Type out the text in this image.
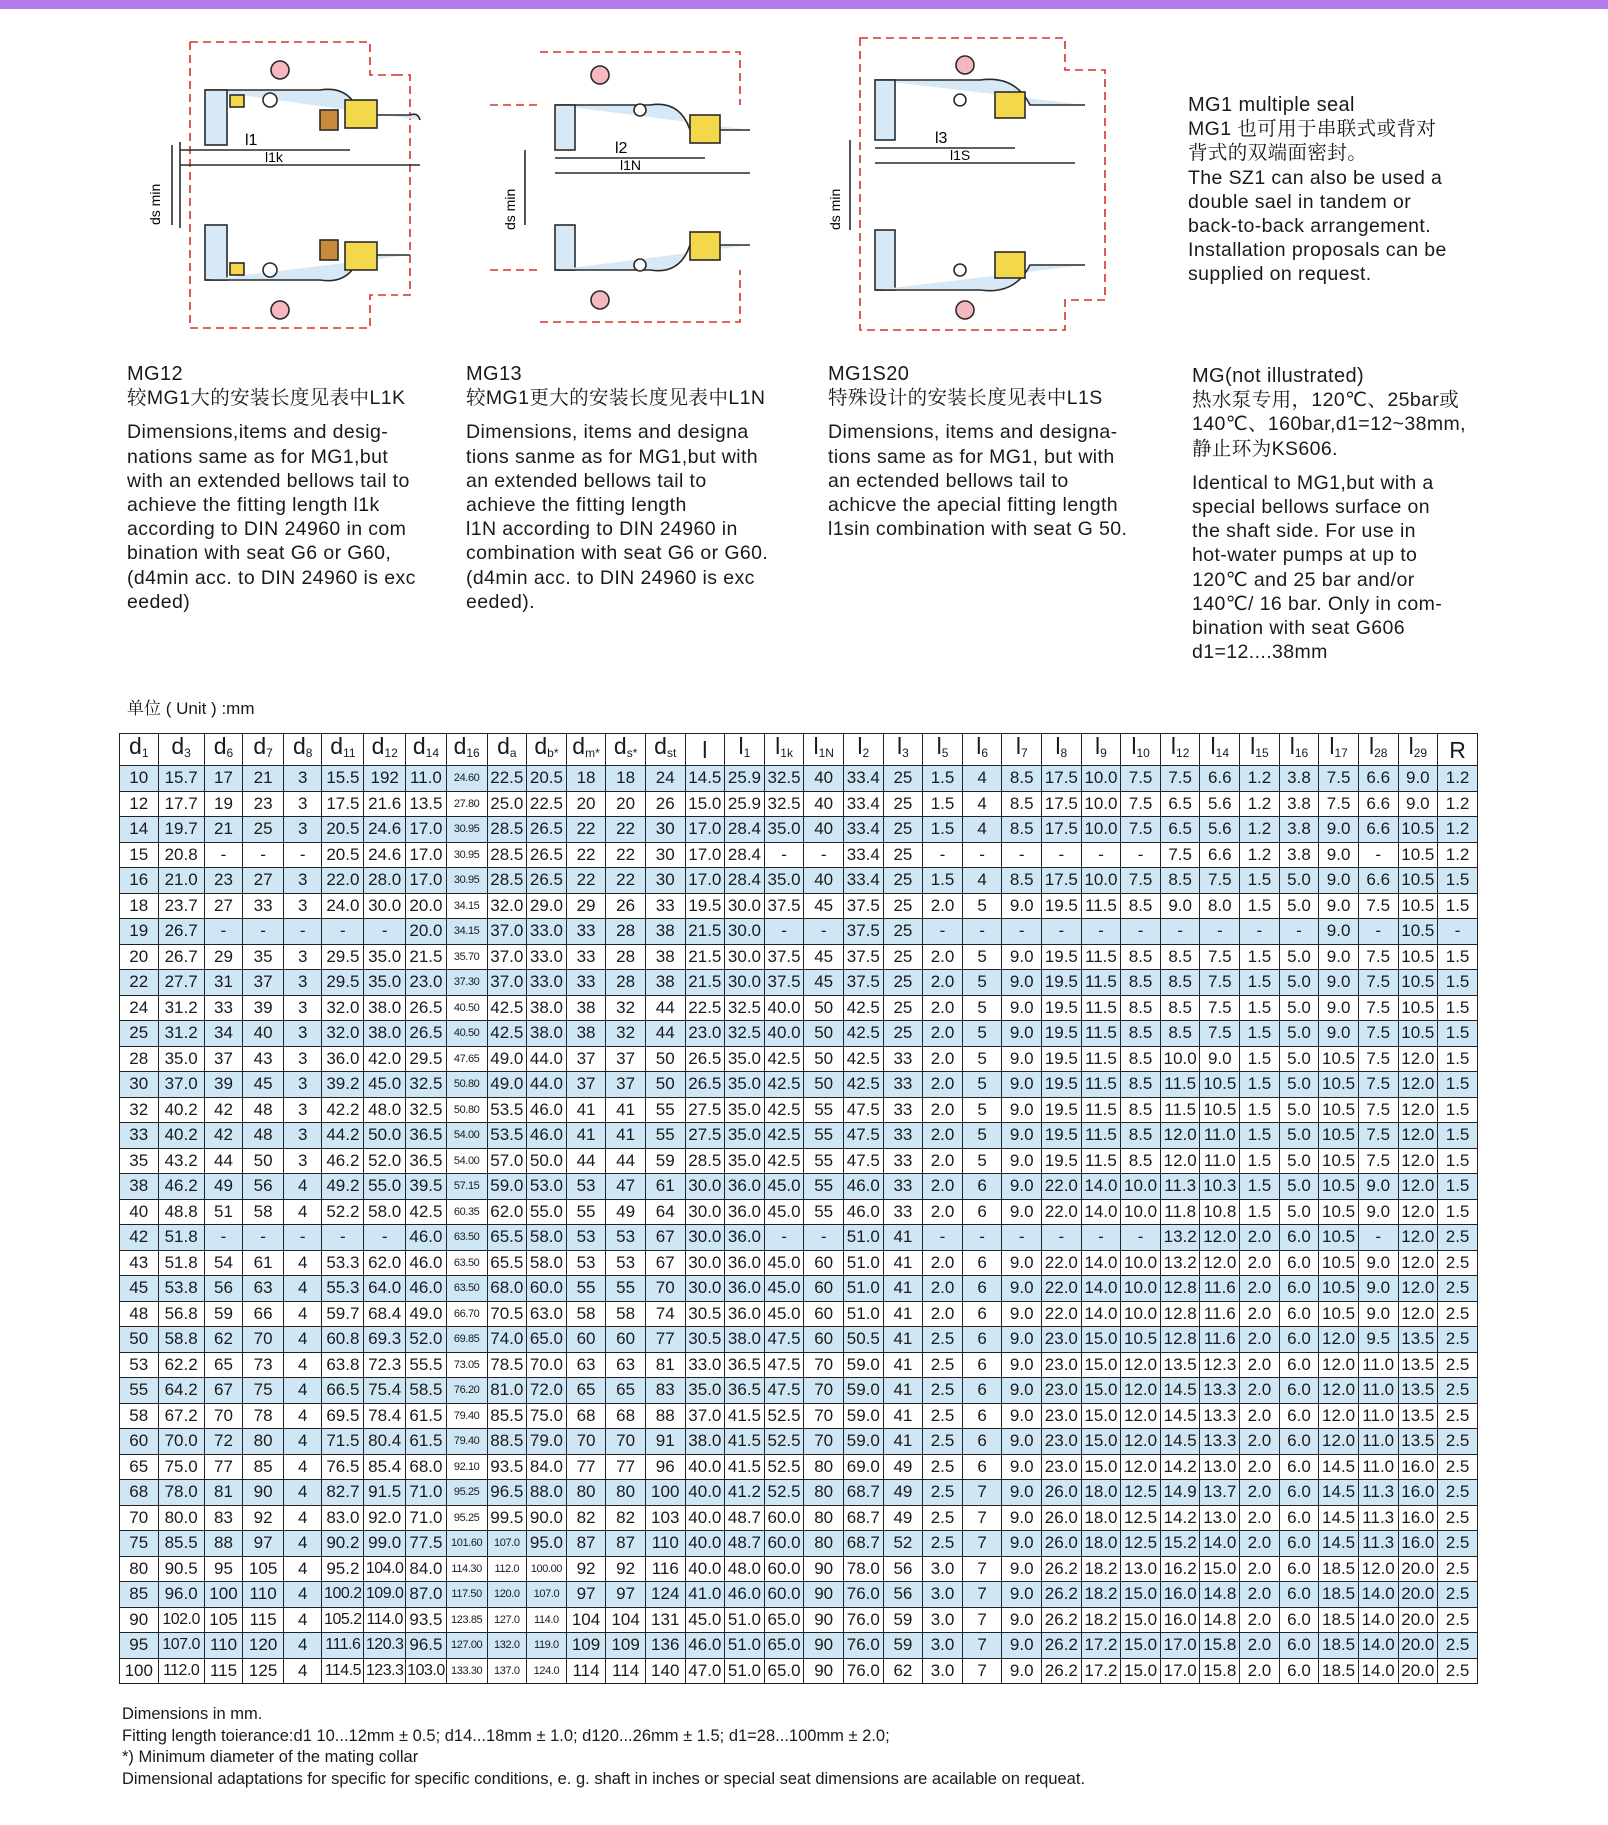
l1
l1k
ds min
l2
l1N
ds min
l3
l1S
ds min
MG1 multiple seal
MG1 也可用于串联式或背对
背式的双端面密封。
The SZ1 can also be used a
double sael in tandem or
back-to-back arrangement.
Installation proposals can be
supplied on request.
MG12
较MG1大的安装长度见表中L1K
Dimensions,items and desig-
nations same as for MG1,but
with an extended bellows tail to
achieve the fitting length l1k
according to DIN 24960 in com
bination with seat G6 or G60,
(d4min acc. to DIN 24960 is exc
eeded)
MG13
较MG1更大的安装长度见表中L1N
Dimensions, items and designa
tions sanme as for MG1,but with
an extended bellows tail to
achieve the fitting length
l1N according to DIN 24960 in
combination with seat G6 or G60.
(d4min acc. to DIN 24960 is exc
eeded).
MG1S20
特殊设计的安装长度见表中L1S
Dimensions, items and designa-
tions same as for MG1, but with
an ectended bellows tail to
achicve the apecial fitting length
l1sin combination with seat G 50.
MG(not illustrated)
热水泵专用，120℃、25bar或
140℃、160bar,d1=12~38mm,
静止环为KS606.
Identical to MG1,but with a
special bellows surface on
the shaft side. For use in
hot-water pumps at up to
120℃ and 25 bar and/or
140℃/ 16 bar. Only in com-
bination with seat G606
d1=12....38mm
单位 ( Unit ) :mm
$d_1$	$d_3$	$d_6$	$d_7$	$d_8$	$d_{11}$	$d_{12}$	$d_{14}$	$d_{16}$	$d_a$	$d_{b*}$	$d_{m*}$	$d_{s*}$	$d_{st}$	l	$l_1$	$l_{1k}$	$l_{1N}$	$l_2$	$l_3$	$l_5$	$l_6$	$l_7$	$l_8$	$l_9$	$l_{10}$	$l_{12}$	$l_{14}$	$l_{15}$	$l_{16}$	$l_{17}$	$l_{28}$	$l_{29}$	R
10	15.7	17	21	3	15.5	192	11.0	24.60	22.5	20.5	18	18	24	14.5	25.9	32.5	40	33.4	25	1.5	4	8.5	17.5	10.0	7.5	7.5	6.6	1.2	3.8	7.5	6.6	9.0	1.2
12	17.7	19	23	3	17.5	21.6	13.5	27.80	25.0	22.5	20	20	26	15.0	25.9	32.5	40	33.4	25	1.5	4	8.5	17.5	10.0	7.5	6.5	5.6	1.2	3.8	7.5	6.6	9.0	1.2
14	19.7	21	25	3	20.5	24.6	17.0	30.95	28.5	26.5	22	22	30	17.0	28.4	35.0	40	33.4	25	1.5	4	8.5	17.5	10.0	7.5	6.5	5.6	1.2	3.8	9.0	6.6	10.5	1.2
15	20.8	-	-	-	20.5	24.6	17.0	30.95	28.5	26.5	22	22	30	17.0	28.4	-	-	33.4	25	-	-	-	-	-	-	7.5	6.6	1.2	3.8	9.0	-	10.5	1.2
16	21.0	23	27	3	22.0	28.0	17.0	30.95	28.5	26.5	22	22	30	17.0	28.4	35.0	40	33.4	25	1.5	4	8.5	17.5	10.0	7.5	8.5	7.5	1.5	5.0	9.0	6.6	10.5	1.5
18	23.7	27	33	3	24.0	30.0	20.0	34.15	32.0	29.0	29	26	33	19.5	30.0	37.5	45	37.5	25	2.0	5	9.0	19.5	11.5	8.5	9.0	8.0	1.5	5.0	9.0	7.5	10.5	1.5
19	26.7	-	-	-	-	-	20.0	34.15	37.0	33.0	33	28	38	21.5	30.0	-	-	37.5	25	-	-	-	-	-	-	-	-	-	-	9.0	-	10.5	-
20	26.7	29	35	3	29.5	35.0	21.5	35.70	37.0	33.0	33	28	38	21.5	30.0	37.5	45	37.5	25	2.0	5	9.0	19.5	11.5	8.5	8.5	7.5	1.5	5.0	9.0	7.5	10.5	1.5
22	27.7	31	37	3	29.5	35.0	23.0	37.30	37.0	33.0	33	28	38	21.5	30.0	37.5	45	37.5	25	2.0	5	9.0	19.5	11.5	8.5	8.5	7.5	1.5	5.0	9.0	7.5	10.5	1.5
24	31.2	33	39	3	32.0	38.0	26.5	40.50	42.5	38.0	38	32	44	22.5	32.5	40.0	50	42.5	25	2.0	5	9.0	19.5	11.5	8.5	8.5	7.5	1.5	5.0	9.0	7.5	10.5	1.5
25	31.2	34	40	3	32.0	38.0	26.5	40.50	42.5	38.0	38	32	44	23.0	32.5	40.0	50	42.5	25	2.0	5	9.0	19.5	11.5	8.5	8.5	7.5	1.5	5.0	9.0	7.5	10.5	1.5
28	35.0	37	43	3	36.0	42.0	29.5	47.65	49.0	44.0	37	37	50	26.5	35.0	42.5	50	42.5	33	2.0	5	9.0	19.5	11.5	8.5	10.0	9.0	1.5	5.0	10.5	7.5	12.0	1.5
30	37.0	39	45	3	39.2	45.0	32.5	50.80	49.0	44.0	37	37	50	26.5	35.0	42.5	50	42.5	33	2.0	5	9.0	19.5	11.5	8.5	11.5	10.5	1.5	5.0	10.5	7.5	12.0	1.5
32	40.2	42	48	3	42.2	48.0	32.5	50.80	53.5	46.0	41	41	55	27.5	35.0	42.5	55	47.5	33	2.0	5	9.0	19.5	11.5	8.5	11.5	10.5	1.5	5.0	10.5	7.5	12.0	1.5
33	40.2	42	48	3	44.2	50.0	36.5	54.00	53.5	46.0	41	41	55	27.5	35.0	42.5	55	47.5	33	2.0	5	9.0	19.5	11.5	8.5	12.0	11.0	1.5	5.0	10.5	7.5	12.0	1.5
35	43.2	44	50	3	46.2	52.0	36.5	54.00	57.0	50.0	44	44	59	28.5	35.0	42.5	55	47.5	33	2.0	5	9.0	19.5	11.5	8.5	12.0	11.0	1.5	5.0	10.5	7.5	12.0	1.5
38	46.2	49	56	4	49.2	55.0	39.5	57.15	59.0	53.0	53	47	61	30.0	36.0	45.0	55	46.0	33	2.0	6	9.0	22.0	14.0	10.0	11.3	10.3	1.5	5.0	10.5	9.0	12.0	1.5
40	48.8	51	58	4	52.2	58.0	42.5	60.35	62.0	55.0	55	49	64	30.0	36.0	45.0	55	46.0	33	2.0	6	9.0	22.0	14.0	10.0	11.8	10.8	1.5	5.0	10.5	9.0	12.0	1.5
42	51.8	-	-	-	-	-	46.0	63.50	65.5	58.0	53	53	67	30.0	36.0	-	-	51.0	41	-	-	-	-	-	-	13.2	12.0	2.0	6.0	10.5	-	12.0	2.5
43	51.8	54	61	4	53.3	62.0	46.0	63.50	65.5	58.0	53	53	67	30.0	36.0	45.0	60	51.0	41	2.0	6	9.0	22.0	14.0	10.0	13.2	12.0	2.0	6.0	10.5	9.0	12.0	2.5
45	53.8	56	63	4	55.3	64.0	46.0	63.50	68.0	60.0	55	55	70	30.0	36.0	45.0	60	51.0	41	2.0	6	9.0	22.0	14.0	10.0	12.8	11.6	2.0	6.0	10.5	9.0	12.0	2.5
48	56.8	59	66	4	59.7	68.4	49.0	66.70	70.5	63.0	58	58	74	30.5	36.0	45.0	60	51.0	41	2.0	6	9.0	22.0	14.0	10.0	12.8	11.6	2.0	6.0	10.5	9.0	12.0	2.5
50	58.8	62	70	4	60.8	69.3	52.0	69.85	74.0	65.0	60	60	77	30.5	38.0	47.5	60	50.5	41	2.5	6	9.0	23.0	15.0	10.5	12.8	11.6	2.0	6.0	12.0	9.5	13.5	2.5
53	62.2	65	73	4	63.8	72.3	55.5	73.05	78.5	70.0	63	63	81	33.0	36.5	47.5	70	59.0	41	2.5	6	9.0	23.0	15.0	12.0	13.5	12.3	2.0	6.0	12.0	11.0	13.5	2.5
55	64.2	67	75	4	66.5	75.4	58.5	76.20	81.0	72.0	65	65	83	35.0	36.5	47.5	70	59.0	41	2.5	6	9.0	23.0	15.0	12.0	14.5	13.3	2.0	6.0	12.0	11.0	13.5	2.5
58	67.2	70	78	4	69.5	78.4	61.5	79.40	85.5	75.0	68	68	88	37.0	41.5	52.5	70	59.0	41	2.5	6	9.0	23.0	15.0	12.0	14.5	13.3	2.0	6.0	12.0	11.0	13.5	2.5
60	70.0	72	80	4	71.5	80.4	61.5	79.40	88.5	79.0	70	70	91	38.0	41.5	52.5	70	59.0	41	2.5	6	9.0	23.0	15.0	12.0	14.5	13.3	2.0	6.0	12.0	11.0	13.5	2.5
65	75.0	77	85	4	76.5	85.4	68.0	92.10	93.5	84.0	77	77	96	40.0	41.5	52.5	80	69.0	49	2.5	6	9.0	23.0	15.0	12.0	14.2	13.0	2.0	6.0	14.5	11.0	16.0	2.5
68	78.0	81	90	4	82.7	91.5	71.0	95.25	96.5	88.0	80	80	100	40.0	41.2	52.5	80	68.7	49	2.5	7	9.0	26.0	18.0	12.5	14.9	13.7	2.0	6.0	14.5	11.3	16.0	2.5
70	80.0	83	92	4	83.0	92.0	71.0	95.25	99.5	90.0	82	82	103	40.0	48.7	60.0	80	68.7	49	2.5	7	9.0	26.0	18.0	12.5	14.2	13.0	2.0	6.0	14.5	11.3	16.0	2.5
75	85.5	88	97	4	90.2	99.0	77.5	101.60	107.0	95.0	87	87	110	40.0	48.7	60.0	80	68.7	52	2.5	7	9.0	26.0	18.0	12.5	15.2	14.0	2.0	6.0	14.5	11.3	16.0	2.5
80	90.5	95	105	4	95.2	104.0	84.0	114.30	112.0	100.00	92	92	116	40.0	48.0	60.0	90	78.0	56	3.0	7	9.0	26.2	18.2	13.0	16.2	15.0	2.0	6.0	18.5	12.0	20.0	2.5
85	96.0	100	110	4	100.2	109.0	87.0	117.50	120.0	107.0	97	97	124	41.0	46.0	60.0	90	76.0	56	3.0	7	9.0	26.2	18.2	15.0	16.0	14.8	2.0	6.0	18.5	14.0	20.0	2.5
90	102.0	105	115	4	105.2	114.0	93.5	123.85	127.0	114.0	104	104	131	45.0	51.0	65.0	90	76.0	59	3.0	7	9.0	26.2	18.2	15.0	16.0	14.8	2.0	6.0	18.5	14.0	20.0	2.5
95	107.0	110	120	4	111.6	120.3	96.5	127.00	132.0	119.0	109	109	136	46.0	51.0	65.0	90	76.0	59	3.0	7	9.0	26.2	17.2	15.0	17.0	15.8	2.0	6.0	18.5	14.0	20.0	2.5
100	112.0	115	125	4	114.5	123.3	103.0	133.30	137.0	124.0	114	114	140	47.0	51.0	65.0	90	76.0	62	3.0	7	9.0	26.2	17.2	15.0	17.0	15.8	2.0	6.0	18.5	14.0	20.0	2.5
Dimensions in mm.
Fitting length toierance:d1 10...12mm ± 0.5; d14...18mm ± 1.0; d120...26mm ± 1.5; d1=28...100mm ± 2.0;
*) Minimum diameter of the mating collar
Dimensional adaptations for specific for specific conditions, e. g. shaft in inches or special seat dimensions are acailable on requeat.
